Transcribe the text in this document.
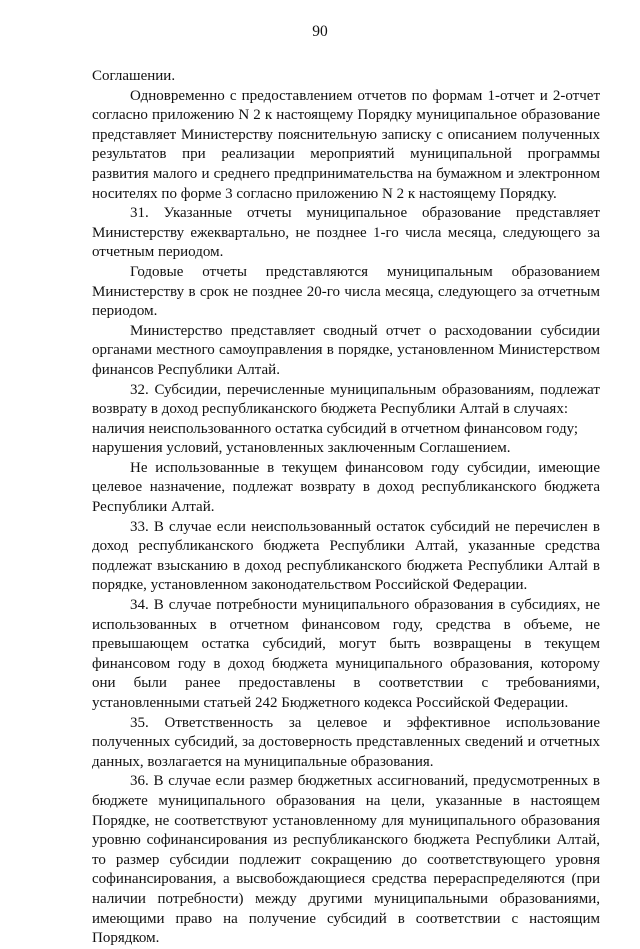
90

Соглашении.

Одновременно с предоставлением отчетов по формам 1-отчет и 2-отчет согласно приложению N 2 к настоящему Порядку муниципальное образование представляет Министерству пояснительную записку с описанием полученных результатов при реализации мероприятий муниципальной программы развития малого и среднего предпринимательства на бумажном и электронном носителях по форме 3 согласно приложению N 2 к настоящему Порядку.

31. Указанные отчеты муниципальное образование представляет Министерству ежеквартально, не позднее 1-го числа месяца, следующего за отчетным периодом.

Годовые отчеты представляются муниципальным образованием Министерству в срок не позднее 20-го числа месяца, следующего за отчетным периодом.

Министерство представляет сводный отчет о расходовании субсидии органами местного самоуправления в порядке, установленном Министерством финансов Республики Алтай.

32. Субсидии, перечисленные муниципальным образованиям, подлежат возврату в доход республиканского бюджета Республики Алтай в случаях:

наличия неиспользованного остатка субсидий в отчетном финансовом году;

нарушения условий, установленных заключенным Соглашением.

Не использованные в текущем финансовом году субсидии, имеющие целевое назначение, подлежат возврату в доход республиканского бюджета Республики Алтай.

33. В случае если неиспользованный остаток субсидий не перечислен в доход республиканского бюджета Республики Алтай, указанные средства подлежат взысканию в доход республиканского бюджета Республики Алтай в порядке, установленном законодательством Российской Федерации.

34. В случае потребности муниципального образования в субсидиях, не использованных в отчетном финансовом году, средства в объеме, не превышающем остатка субсидий, могут быть возвращены в текущем финансовом году в доход бюджета муниципального образования, которому они были ранее предоставлены в соответствии с требованиями, установленными статьей 242 Бюджетного кодекса Российской Федерации.

35. Ответственность за целевое и эффективное использование полученных субсидий, за достоверность представленных сведений и отчетных данных, возлагается на муниципальные образования.

36. В случае если размер бюджетных ассигнований, предусмотренных в бюджете муниципального образования на цели, указанные в настоящем Порядке, не соответствуют установленному для муниципального образования уровню софинансирования из республиканского бюджета Республики Алтай, то размер субсидии подлежит сокращению до соответствующего уровня софинансирования, а высвобождающиеся средства перераспределяются (при наличии потребности) между другими муниципальными образованиями, имеющими право на получение субсидий в соответствии с настоящим Порядком.
